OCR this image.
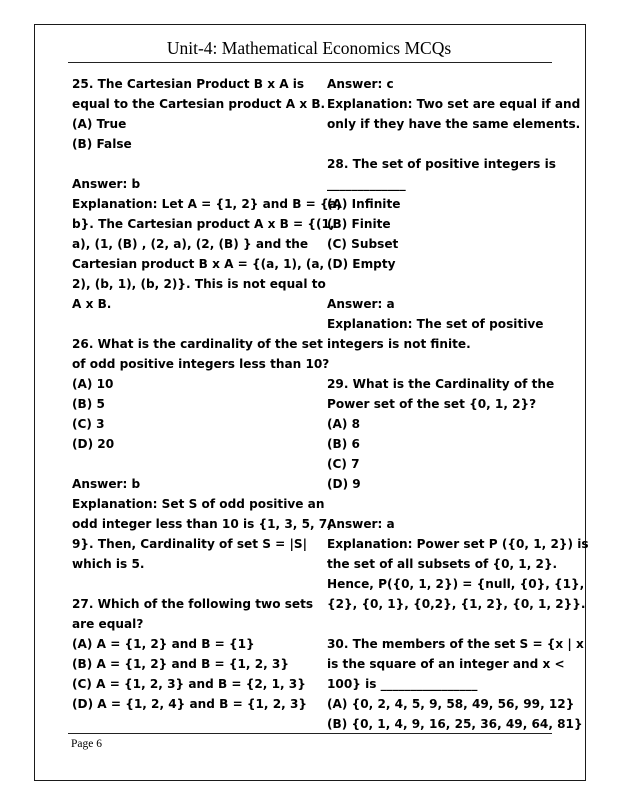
Unit-4: Mathematical Economics MCQs

25. The Cartesian Product B x A is

equal to the Cartesian product A x B.

(A) True

(B) False

Answer: b

Explanation: Let A = {1, 2} and B = {a,

b}. The Cartesian product A x B = {(1,

a), (1, (B) , (2, a), (2, (B) } and the

Cartesian product B x A = {(a, 1), (a,

2), (b, 1), (b, 2)}. This is not equal to

A x B.

26. What is the cardinality of the set

of odd positive integers less than 10?

(A) 10

(B) 5

(C) 3

(D) 20

Answer: b

Explanation: Set S of odd positive an

odd integer less than 10 is {1, 3, 5, 7,

9}. Then, Cardinality of set S = |S|

which is 5.

27. Which of the following two sets

are equal?

(A) A = {1, 2} and B = {1}

(B) A = {1, 2} and B = {1, 2, 3}

(C) A = {1, 2, 3} and B = {2, 1, 3}

(D) A = {1, 2, 4} and B = {1, 2, 3}

Answer: c

Explanation: Two set are equal if and

only if they have the same elements.

28. The set of positive integers is

_____________

(A) Infinite

(B) Finite

(C) Subset

(D) Empty

Answer: a

Explanation: The set of positive

integers is not finite.

29. What is the Cardinality of the

Power set of the set {0, 1, 2}?

(A) 8

(B) 6

(C) 7

(D) 9

Answer: a

Explanation: Power set P ({0, 1, 2}) is

the set of all subsets of {0, 1, 2}.

Hence, P({0, 1, 2}) = {null, {0}, {1},

{2}, {0, 1}, {0,2}, {1, 2}, {0, 1, 2}}.

30. The members of the set S = {x | x

is the square of an integer and x <

100} is ________________

(A) {0, 2, 4, 5, 9, 58, 49, 56, 99, 12}

(B) {0, 1, 4, 9, 16, 25, 36, 49, 64, 81}

Page 6
